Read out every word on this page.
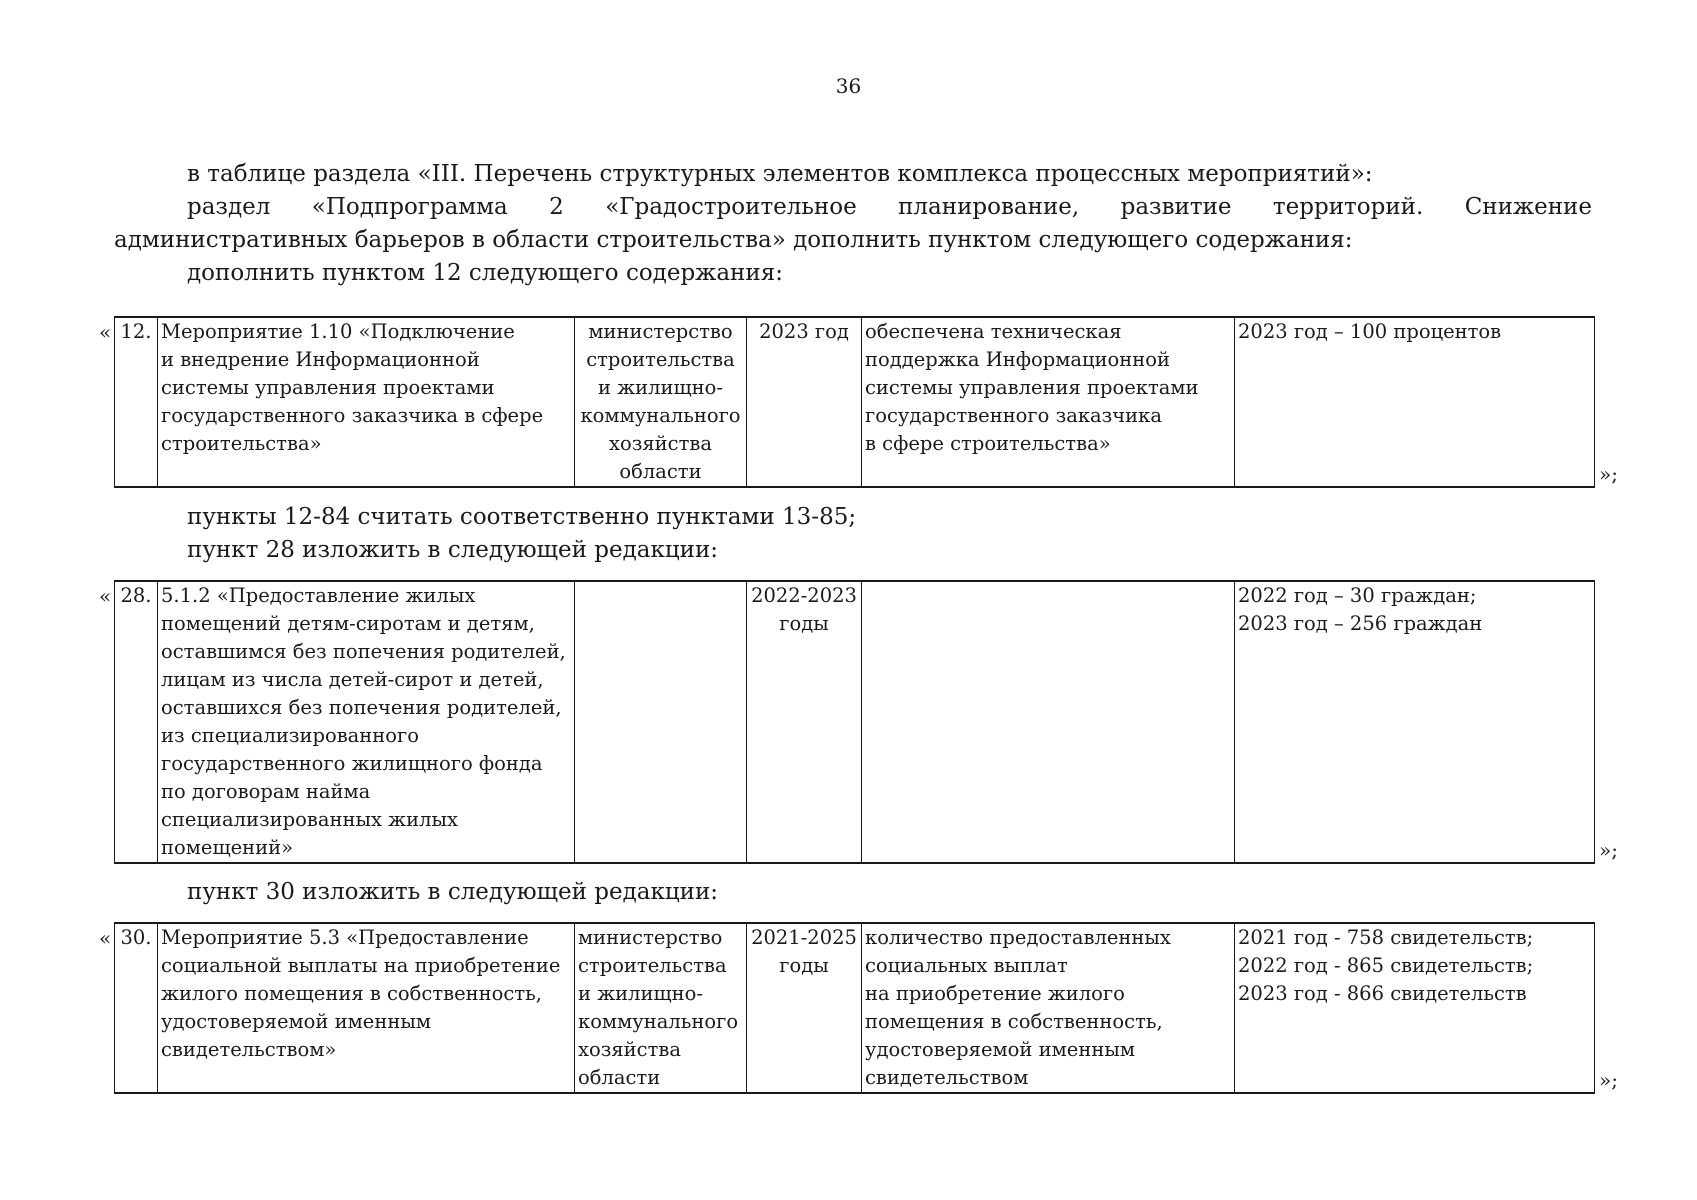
36
в таблице раздела «III. Перечень структурных элементов комплекса процессных мероприятий»:
раздел «Подпрограмма 2 «Градостроительное планирование, развитие территорий. Снижение административных барьеров в области строительства» дополнить пунктом следующего содержания:
дополнить пунктом 12 следующего содержания:
« 12.	Мероприятие 1.10 «Подключение
и внедрение Информационной
системы управления проектами
государственного заказчика в сфере
строительства»	министерство
строительства
и жилищно-
коммунального
хозяйства
области	2023 год	обеспечена техническая
поддержка Информационной
системы управления проектами
государственного заказчика
в сфере строительства»	2023 год – 100 процентов
»;
пункты 12-84 считать соответственно пунктами 13-85;
пункт 28 изложить в следующей редакции:
« 28.	5.1.2 «Предоставление жилых
помещений детям-сиротам и детям,
оставшимся без попечения родителей,
лицам из числа детей-сирот и детей,
оставшихся без попечения родителей,
из специализированного
государственного жилищного фонда
по договорам найма
специализированных жилых
помещений»		2022-2023
годы		2022 год – 30 граждан;
2023 год – 256 граждан
»;
пункт 30 изложить в следующей редакции:
« 30.	Мероприятие 5.3 «Предоставление
социальной выплаты на приобретение
жилого помещения в собственность,
удостоверяемой именным
свидетельством»	министерство
строительства
и жилищно-
коммунального
хозяйства
области	2021-2025
годы	количество предоставленных
социальных выплат
на приобретение жилого
помещения в собственность,
удостоверяемой именным
свидетельством	2021 год - 758 свидетельств;
2022 год - 865 свидетельств;
2023 год - 866 свидетельств
»;
